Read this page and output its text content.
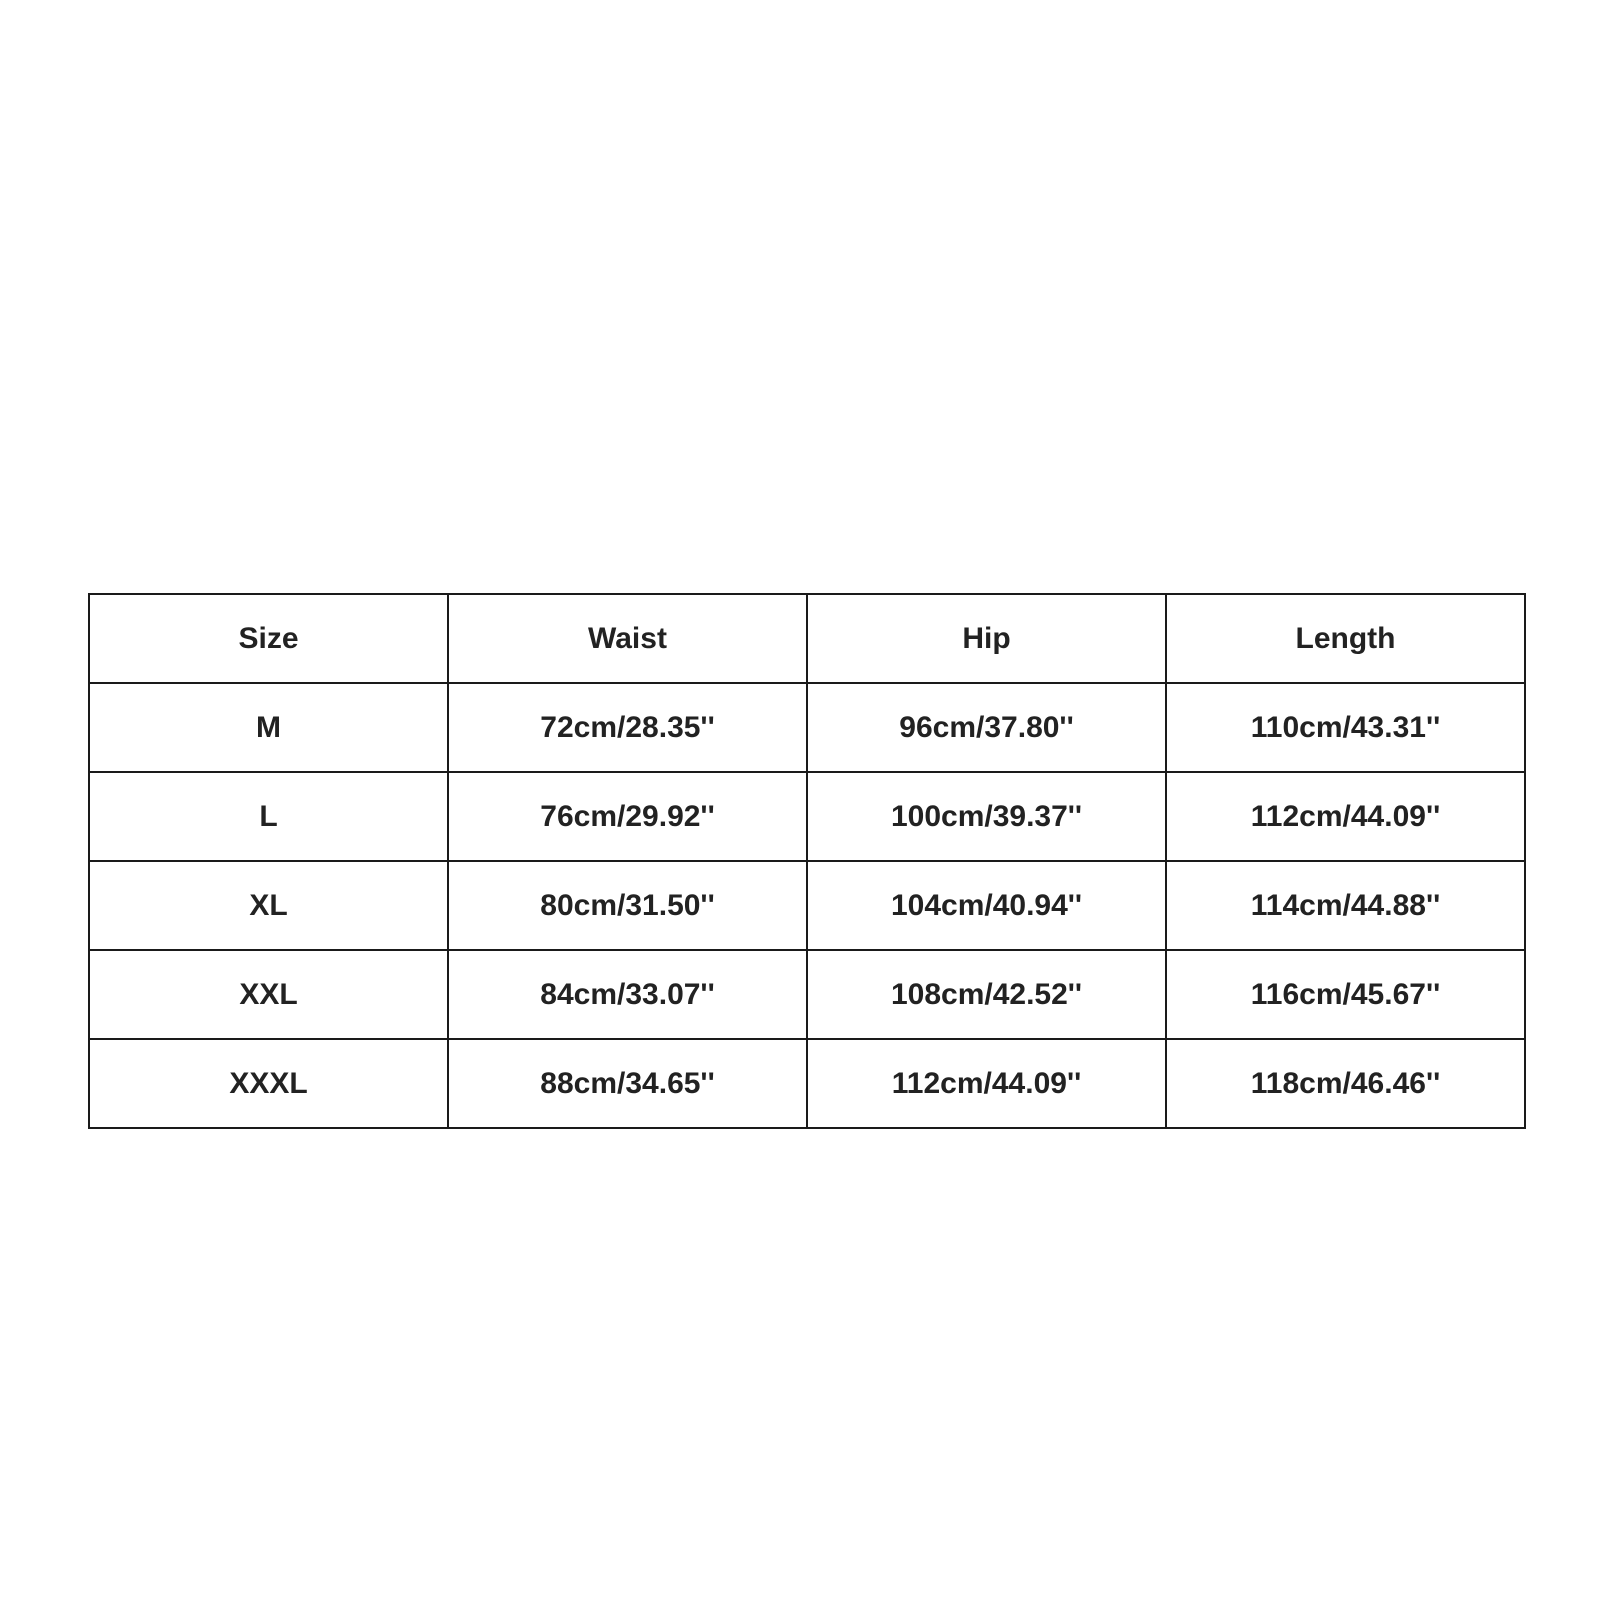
Size	Waist	Hip	Length
M	72cm/28.35''	96cm/37.80''	110cm/43.31''
L	76cm/29.92''	100cm/39.37''	112cm/44.09''
XL	80cm/31.50''	104cm/40.94''	114cm/44.88''
XXL	84cm/33.07''	108cm/42.52''	116cm/45.67''
XXXL	88cm/34.65''	112cm/44.09''	118cm/46.46''
